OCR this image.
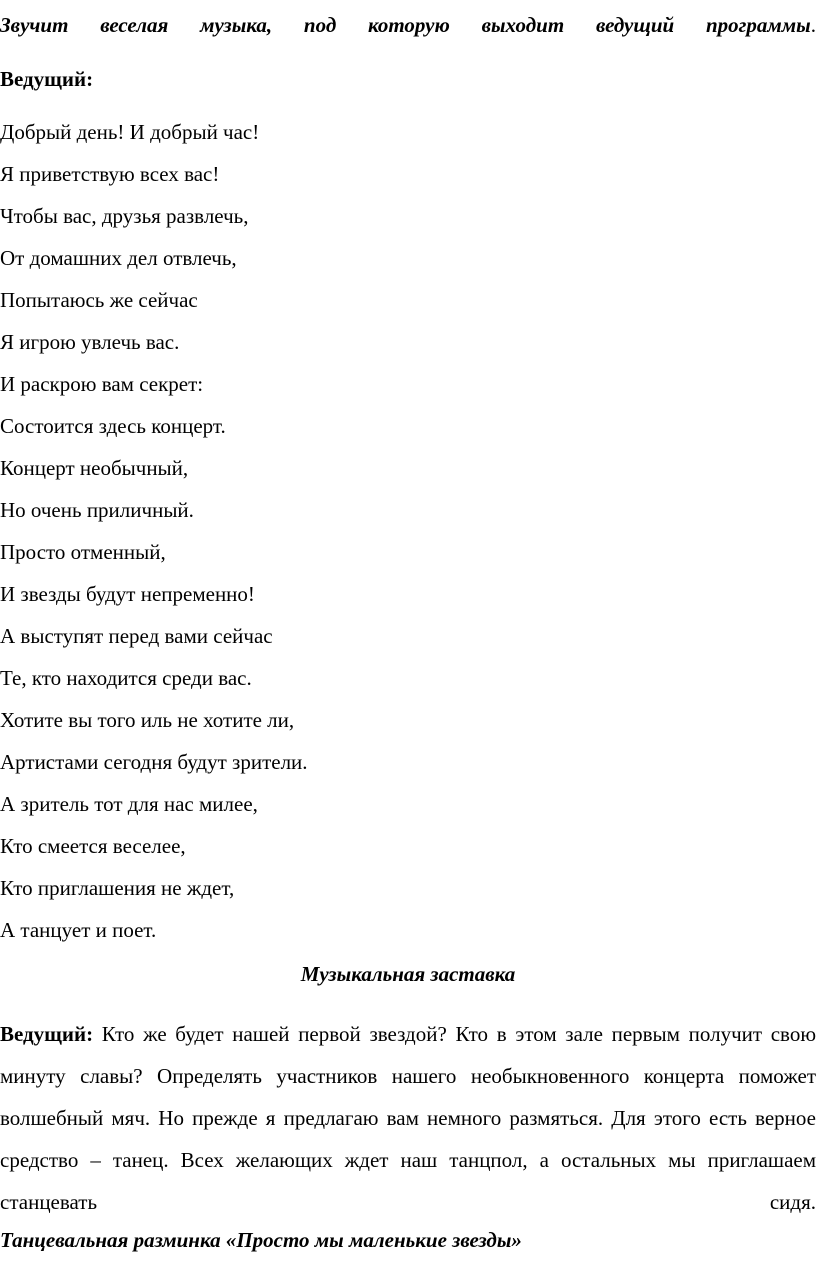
Звучит веселая музыка, под которую выходит ведущий программы.
Ведущий:
Добрый день! И добрый час!
Я приветствую всех вас!
Чтобы вас, друзья развлечь,
От домашних дел отвлечь,
Попытаюсь же сейчас
Я игрою увлечь вас.
И раскрою вам секрет:
Состоится здесь концерт.
Концерт необычный,
Но очень приличный.
Просто отменный,
И звезды будут непременно!
А выступят перед вами сейчас
Те, кто находится среди вас.
Хотите вы того иль не хотите ли,
Артистами сегодня будут зрители.
А зритель тот для нас милее,
Кто смеется веселее,
Кто приглашения не ждет,
А танцует и поет.
Музыкальная заставка

Ведущий: Кто же будет нашей первой звездой? Кто в этом зале первым получит свою минуту славы? Определять участников нашего необыкновенного концерта поможет волшебный мяч. Но прежде я предлагаю вам немного размяться. Для этого есть верное средство – танец. Всех желающих ждет наш танцпол, а остальных мы приглашаем станцевать сидя.

Танцевальная разминка «Просто мы маленькие звезды»
